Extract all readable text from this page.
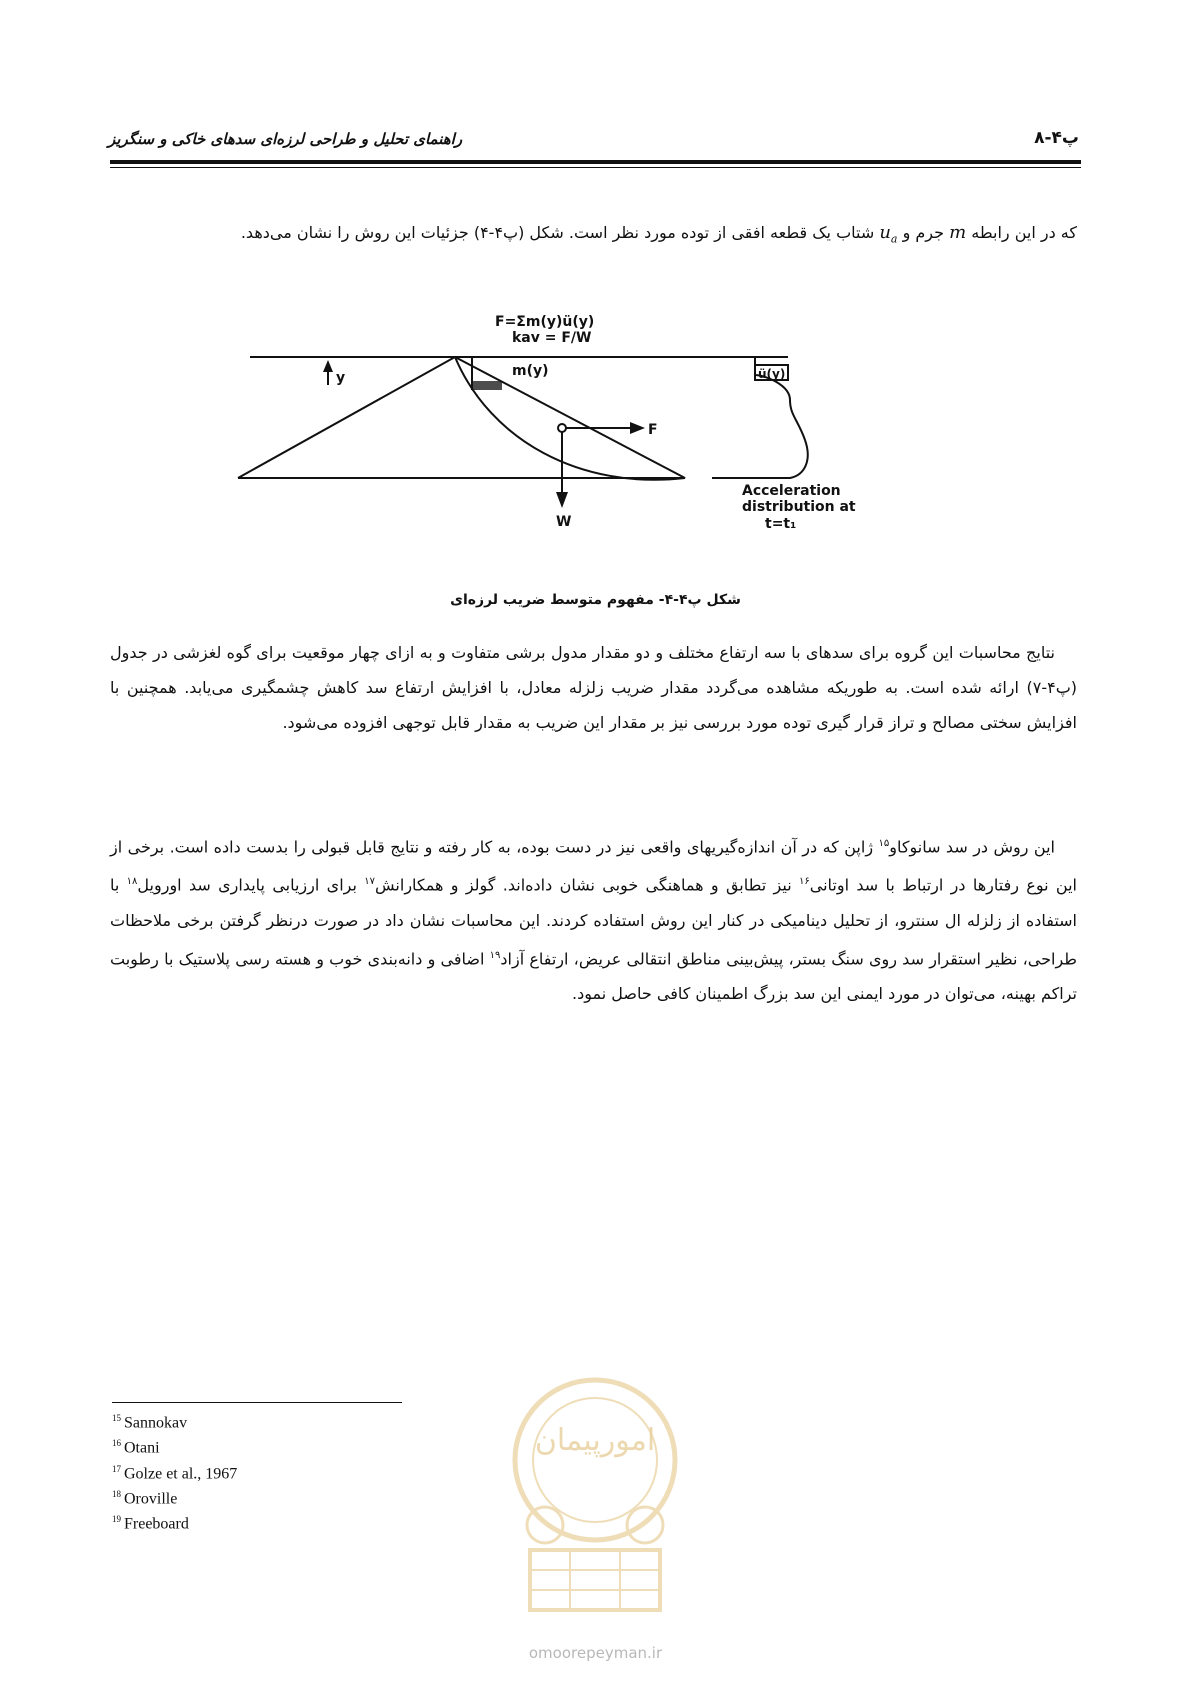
راهنمای تحلیل و طراحی لرزه‌ای سدهای خاکی و سنگریز	پ۴-۸
که در این رابطه m جرم و $u_a$ شتاب یک قطعه افقی از توده مورد نظر است. شکل (پ۴-۴) جزئیات این روش را نشان می‌دهد.
F=Σm(y)ü(y)
kav = F/W
y	m(y)	ü(y)
F
W
Acceleration
distribution at
t=t₁
شکل پ۴-۴- مفهوم متوسط ضریب لرزه‌ای
نتایج محاسبات این گروه برای سدهای با سه ارتفاع مختلف و دو مقدار مدول برشی متفاوت و به ازای چهار موقعیت برای گوه لغزشی در جدول (پ۴-۷) ارائه شده است. به طوریکه مشاهده می‌گردد مقدار ضریب زلزله معادل، با افزایش ارتفاع سد کاهش چشمگیری می‌یابد. همچنین با افزایش سختی مصالح و تراز قرار گیری توده مورد بررسی نیز بر مقدار این ضریب به مقدار قابل توجهی افزوده می‌شود.
این روش در سد سانوکاو$^{۱۵}$ ژاپن که در آن اندازه‌گیریهای واقعی نیز در دست بوده، به کار رفته و نتایج قابل قبولی را بدست داده است. برخی از این نوع رفتارها در ارتباط با سد اوتانی$^{۱۶}$ نیز تطابق و هماهنگی خوبی نشان داده‌اند. گولز و همکارانش$^{۱۷}$ برای ارزیابی پایداری سد اورویل$^{۱۸}$ با استفاده از زلزله ال سنترو، از تحلیل دینامیکی در کنار این روش استفاده کردند. این محاسبات نشان داد در صورت درنظر گرفتن برخی ملاحظات طراحی، نظیر استقرار سد روی سنگ بستر، پیش‌بینی مناطق انتقالی عریض، ارتفاع آزاد$^{۱۹}$ اضافی و دانه‌بندی خوب و هسته رسی پلاستیک با رطوبت تراکم بهینه، می‌توان در مورد ایمنی این سد بزرگ اطمینان کافی حاصل نمود.
امورپیمان
omoorepeyman.ir
$^{15}$ Sannokav
$^{16}$ Otani
$^{17}$ Golze et al., 1967
$^{18}$ Oroville
$^{19}$ Freeboard
